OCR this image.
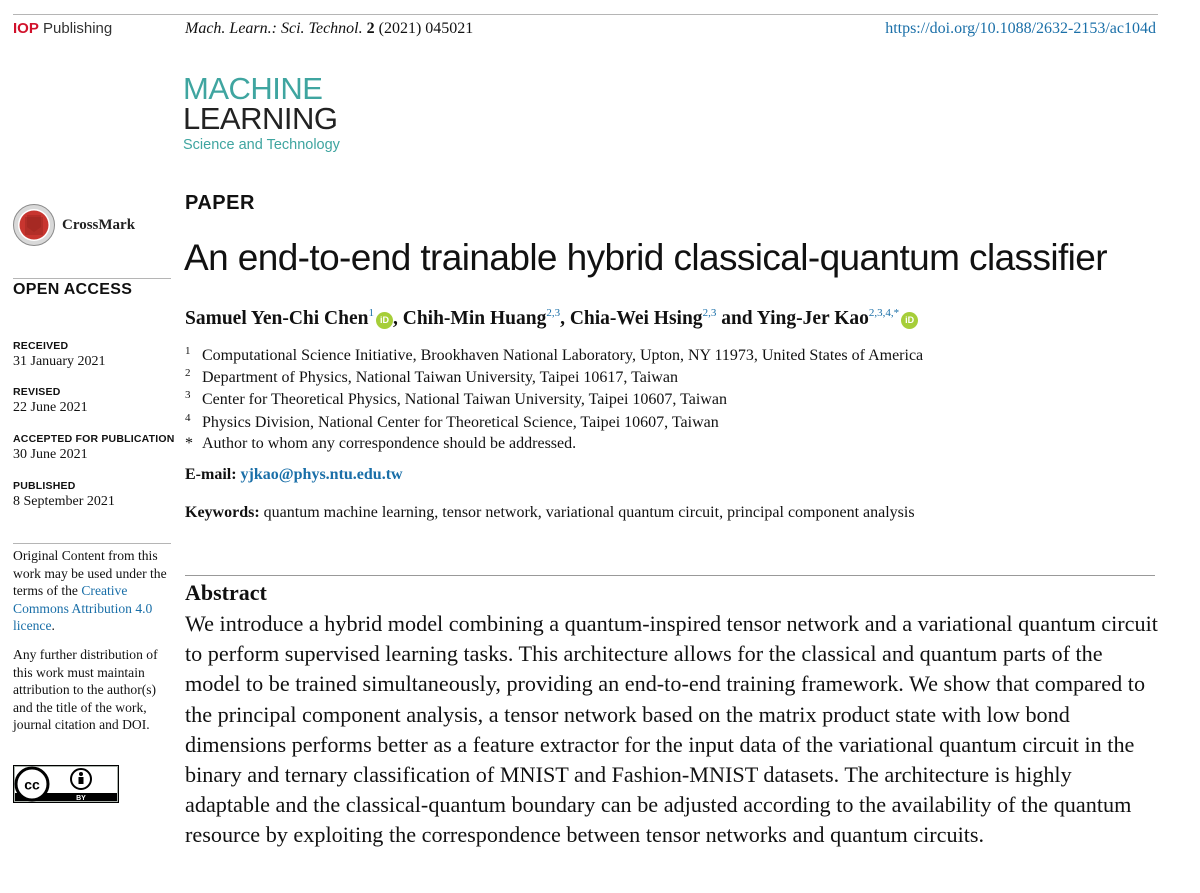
IOP Publishing	Mach. Learn.: Sci. Technol. 2 (2021) 045021	https://doi.org/10.1088/2632-2153/ac104d
MACHINE
LEARNING
Science and Technology
CrossMark
OPEN ACCESS
RECEIVED
31 January 2021
REVISED
22 June 2021
ACCEPTED FOR PUBLICATION
30 June 2021
PUBLISHED
8 September 2021
Original Content from this work may be used under the terms of the Creative Commons Attribution 4.0 licence.
Any further distribution of this work must maintain attribution to the author(s) and the title of the work, journal citation and DOI.
cc
BY
PAPER
An end-to-end trainable hybrid classical-quantum classifier
Samuel Yen-Chi Chen$^1$iD , Chih-Min Huang$^{2,3}$, Chia-Wei Hsing$^{2,3}$ and Ying-Jer Kao$^{2,3,4,*}$iD
1 Computational Science Initiative, Brookhaven National Laboratory, Upton, NY 11973, United States of America
2 Department of Physics, National Taiwan University, Taipei 10617, Taiwan
3 Center for Theoretical Physics, National Taiwan University, Taipei 10607, Taiwan
4 Physics Division, National Center for Theoretical Science, Taipei 10607, Taiwan
* Author to whom any correspondence should be addressed.
E-mail: yjkao@phys.ntu.edu.tw
Keywords: quantum machine learning, tensor network, variational quantum circuit, principal component analysis
Abstract
We introduce a hybrid model combining a quantum-inspired tensor network and a variational quantum circuit to perform supervised learning tasks. This architecture allows for the classical and quantum parts of the model to be trained simultaneously, providing an end-to-end training framework. We show that compared to the principal component analysis, a tensor network based on the matrix product state with low bond dimensions performs better as a feature extractor for the input data of the variational quantum circuit in the binary and ternary classification of MNIST and Fashion-MNIST datasets. The architecture is highly adaptable and the classical-quantum boundary can be adjusted according to the availability of the quantum resource by exploiting the correspondence between tensor networks and quantum circuits.
